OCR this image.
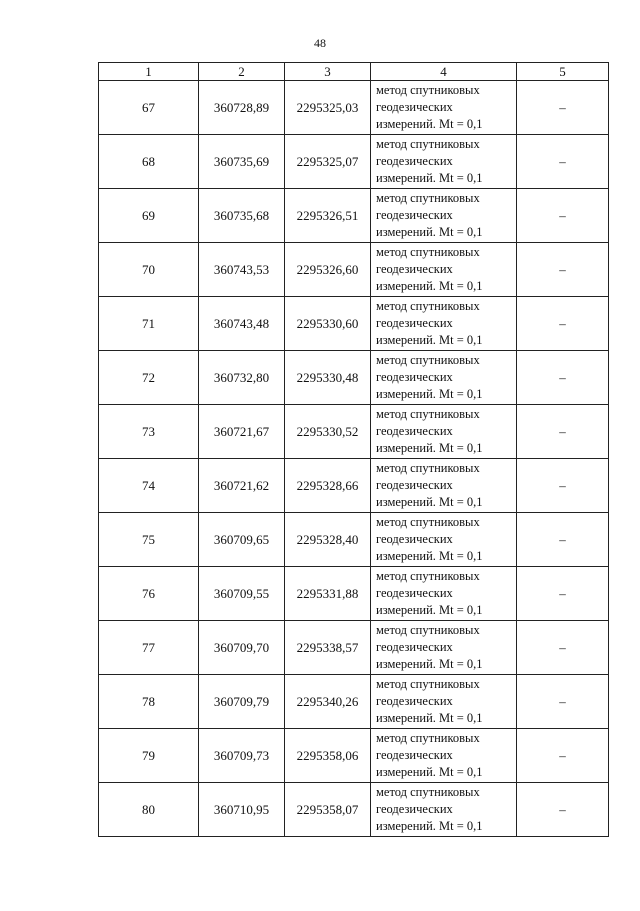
48
1	2	3	4	5
67	360728,89	2295325,03	метод спутниковых
геодезических
измерений. Mt = 0,1	–
68	360735,69	2295325,07	метод спутниковых
геодезических
измерений. Mt = 0,1	–
69	360735,68	2295326,51	метод спутниковых
геодезических
измерений. Mt = 0,1	–
70	360743,53	2295326,60	метод спутниковых
геодезических
измерений. Mt = 0,1	–
71	360743,48	2295330,60	метод спутниковых
геодезических
измерений. Mt = 0,1	–
72	360732,80	2295330,48	метод спутниковых
геодезических
измерений. Mt = 0,1	–
73	360721,67	2295330,52	метод спутниковых
геодезических
измерений. Mt = 0,1	–
74	360721,62	2295328,66	метод спутниковых
геодезических
измерений. Mt = 0,1	–
75	360709,65	2295328,40	метод спутниковых
геодезических
измерений. Mt = 0,1	–
76	360709,55	2295331,88	метод спутниковых
геодезических
измерений. Mt = 0,1	–
77	360709,70	2295338,57	метод спутниковых
геодезических
измерений. Mt = 0,1	–
78	360709,79	2295340,26	метод спутниковых
геодезических
измерений. Mt = 0,1	–
79	360709,73	2295358,06	метод спутниковых
геодезических
измерений. Mt = 0,1	–
80	360710,95	2295358,07	метод спутниковых
геодезических
измерений. Mt = 0,1	–
